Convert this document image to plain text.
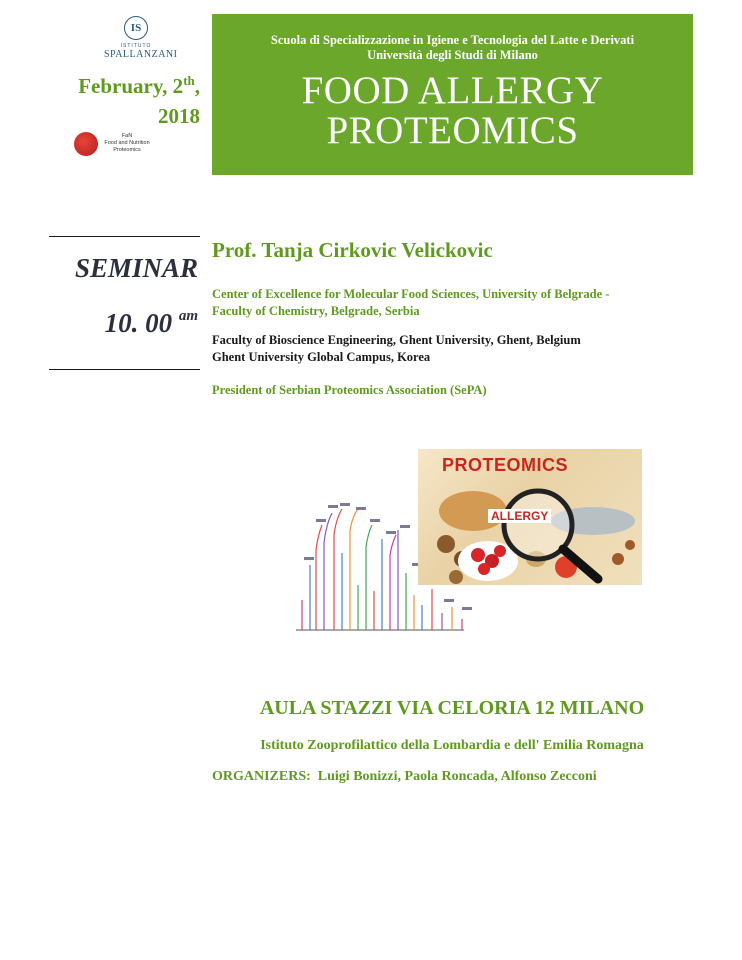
IS
ISTITUTO
SPALLANZANI
February, 2th,
2018
FaN
Food and Nutrition
Proteomics
Scuola di Specializzazione in Igiene e Tecnologia del Latte e Derivati
Università degli Studi di Milano
FOOD ALLERGY
PROTEOMICS
SEMINAR
10. 00 $^{am}$
Prof. Tanja Cirkovic Velickovic
Center of Excellence for Molecular Food Sciences, University of Belgrade -
Faculty of Chemistry, Belgrade, Serbia
Faculty of Bioscience Engineering, Ghent University, Ghent, Belgium
Ghent University Global Campus, Korea
President of Serbian Proteomics Association (SePA)
PROTEOMICS
ALLERGY
AULA STAZZI VIA CELORIA 12 MILANO
Istituto Zooprofilattico della Lombardia e dell' Emilia Romagna
ORGANIZERS: Luigi Bonizzi, Paola Roncada, Alfonso Zecconi
